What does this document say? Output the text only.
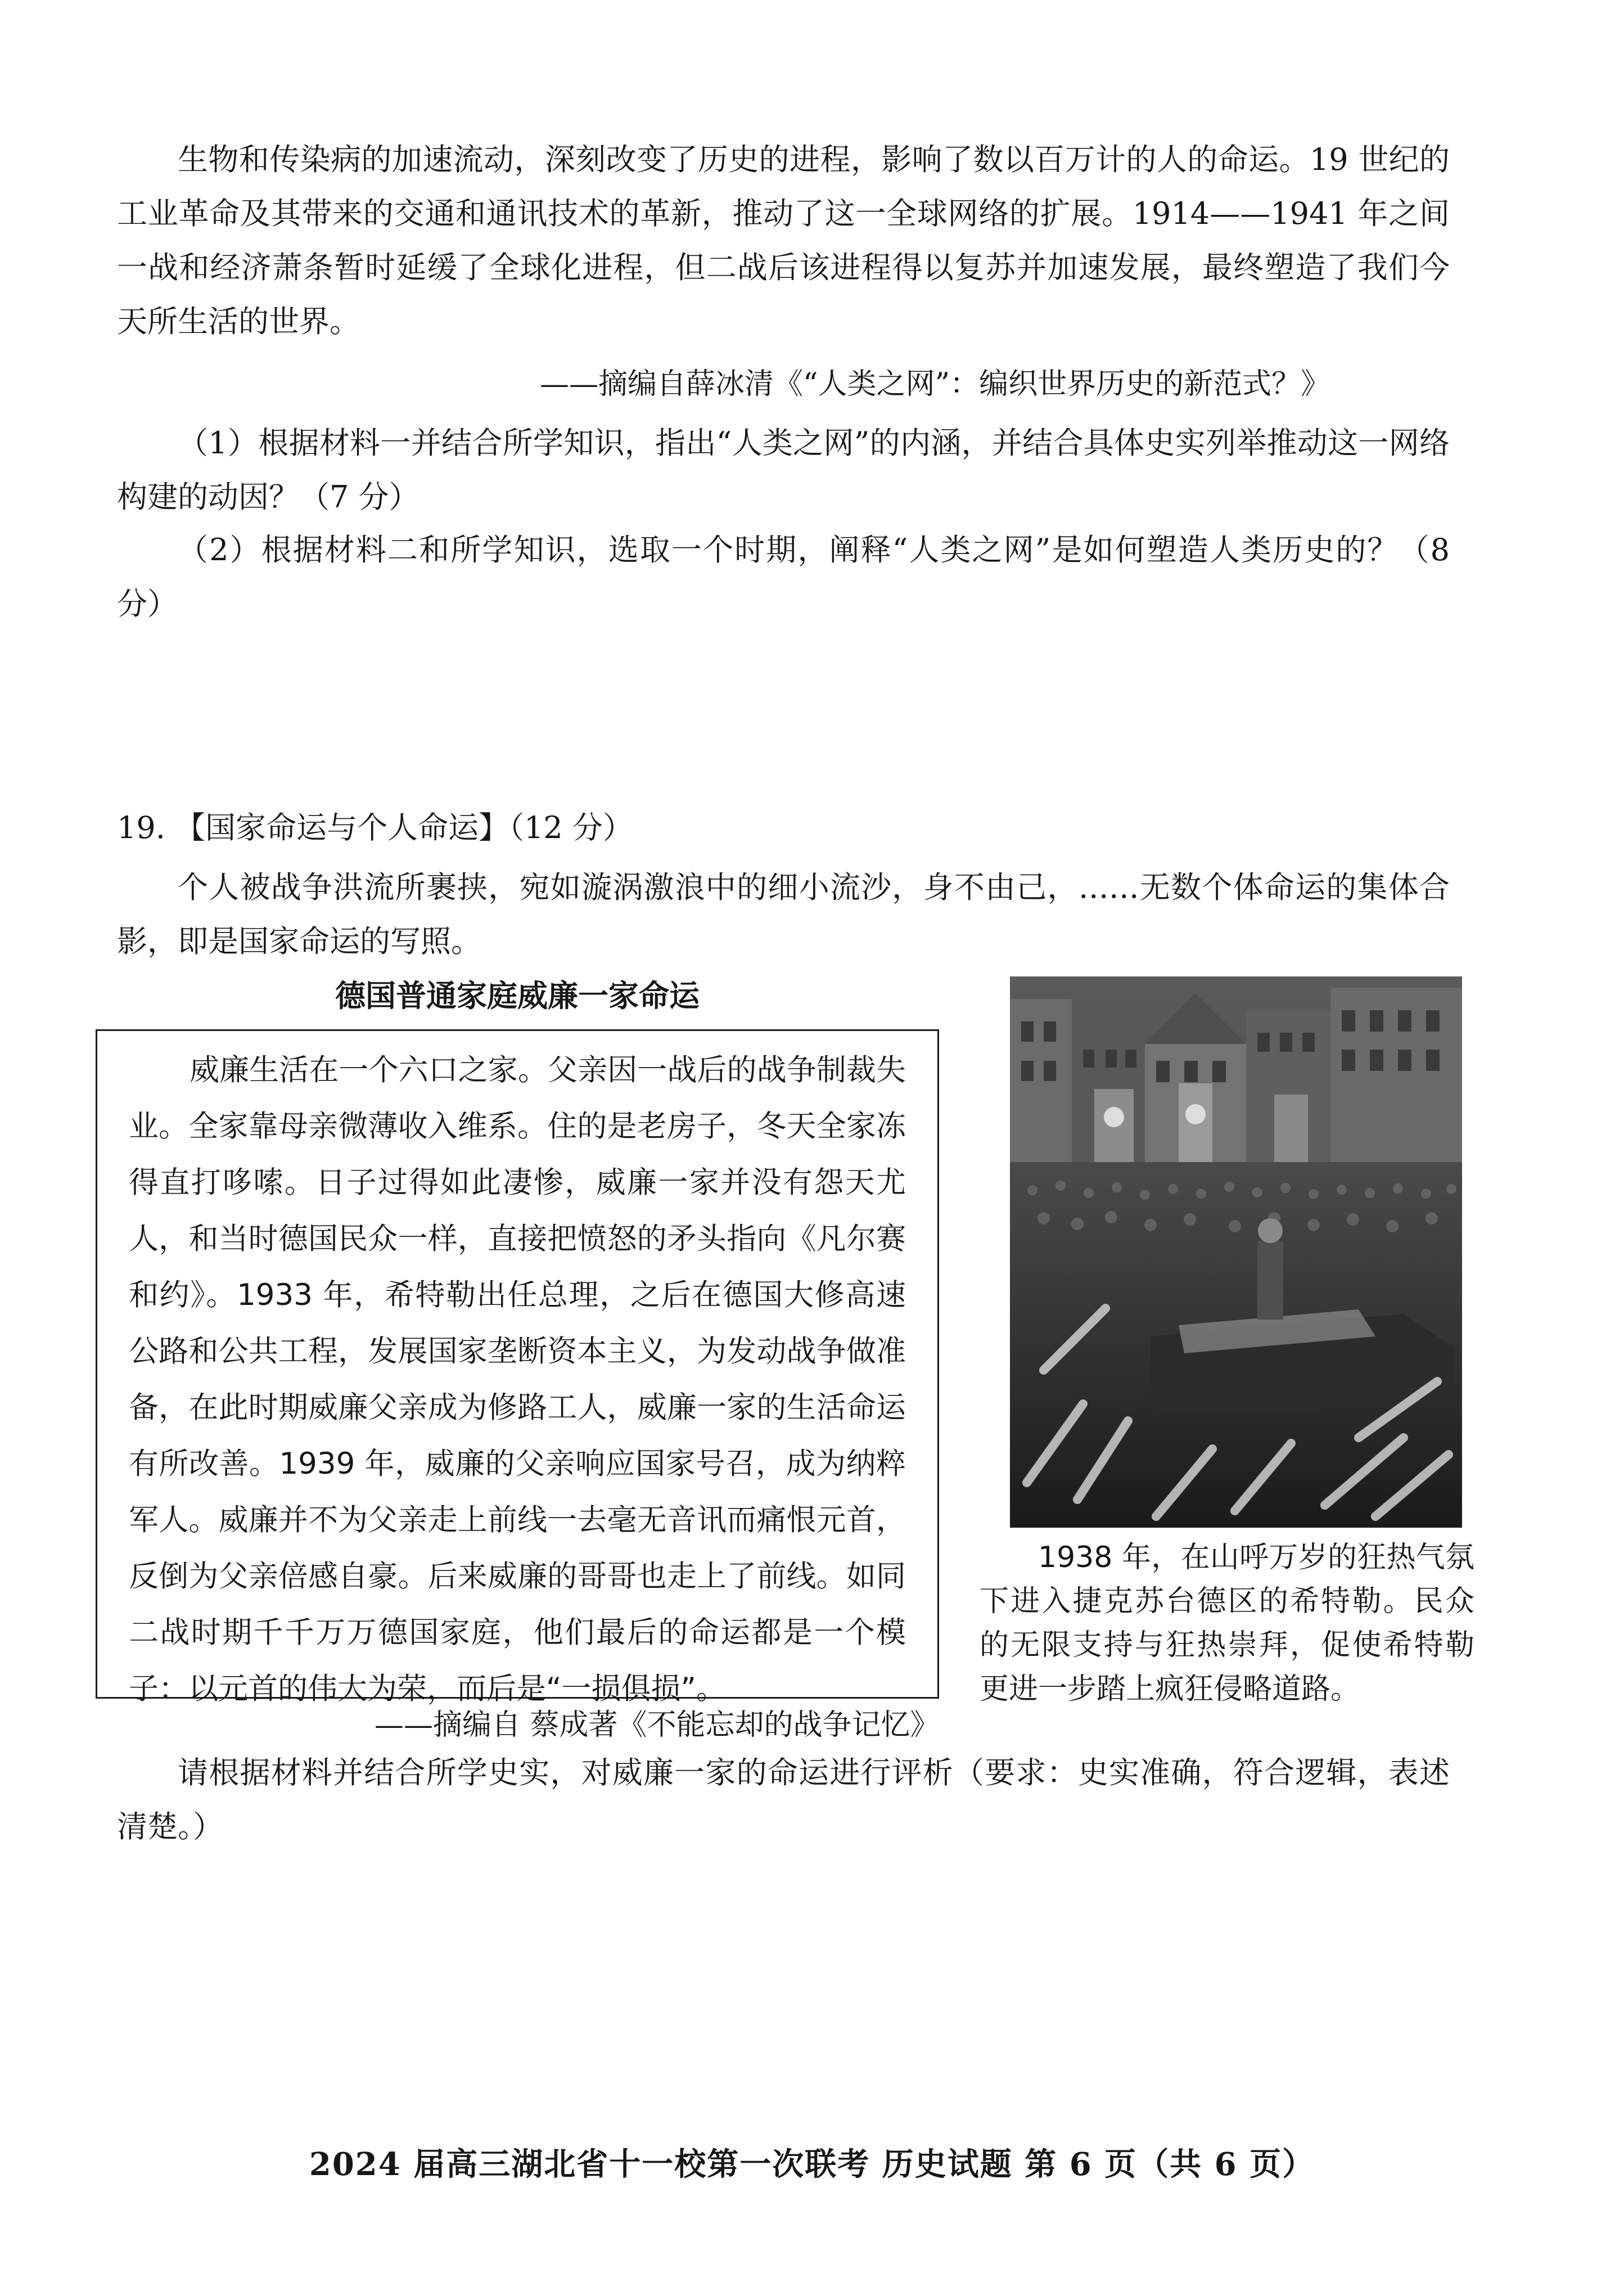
生物和传染病的加速流动，深刻改变了历史的进程，影响了数以百万计的人的命运。19 世纪的工业革命及其带来的交通和通讯技术的革新，推动了这一全球网络的扩展。1914——1941 年之间一战和经济萧条暂时延缓了全球化进程，但二战后该进程得以复苏并加速发展，最终塑造了我们今天所生活的世界。

——摘编自薛冰清《“人类之网”：编织世界历史的新范式？》

（1）根据材料一并结合所学知识，指出“人类之网”的内涵，并结合具体史实列举推动这一网络构建的动因？（7 分）

（2）根据材料二和所学知识，选取一个时期，阐释“人类之网”是如何塑造人类历史的？（8 分）

19. 【国家命运与个人命运】（12 分）

个人被战争洪流所裹挟，宛如漩涡激浪中的细小流沙，身不由己，……无数个体命运的集体合影，即是国家命运的写照。

德国普通家庭威廉一家命运

威廉生活在一个六口之家。父亲因一战后的战争制裁失业。全家靠母亲微薄收入维系。住的是老房子，冬天全家冻得直打哆嗦。日子过得如此凄惨，威廉一家并没有怨天尤人，和当时德国民众一样，直接把愤怒的矛头指向《凡尔赛和约》。1933 年，希特勒出任总理，之后在德国大修高速公路和公共工程，发展国家垄断资本主义，为发动战争做准备，在此时期威廉父亲成为修路工人，威廉一家的生活命运有所改善。1939 年，威廉的父亲响应国家号召，成为纳粹军人。威廉并不为父亲走上前线一去毫无音讯而痛恨元首，反倒为父亲倍感自豪。后来威廉的哥哥也走上了前线。如同二战时期千千万万德国家庭，他们最后的命运都是一个模子：以元首的伟大为荣，而后是“一损俱损”。

——摘编自 蔡成著《不能忘却的战争记忆》

1938 年，在山呼万岁的狂热气氛下进入捷克苏台德区的希特勒。民众的无限支持与狂热崇拜，促使希特勒更进一步踏上疯狂侵略道路。

请根据材料并结合所学史实，对威廉一家的命运进行评析（要求：史实准确，符合逻辑，表述清楚。）

2024 届高三湖北省十一校第一次联考 历史试题 第 6 页（共 6 页）
